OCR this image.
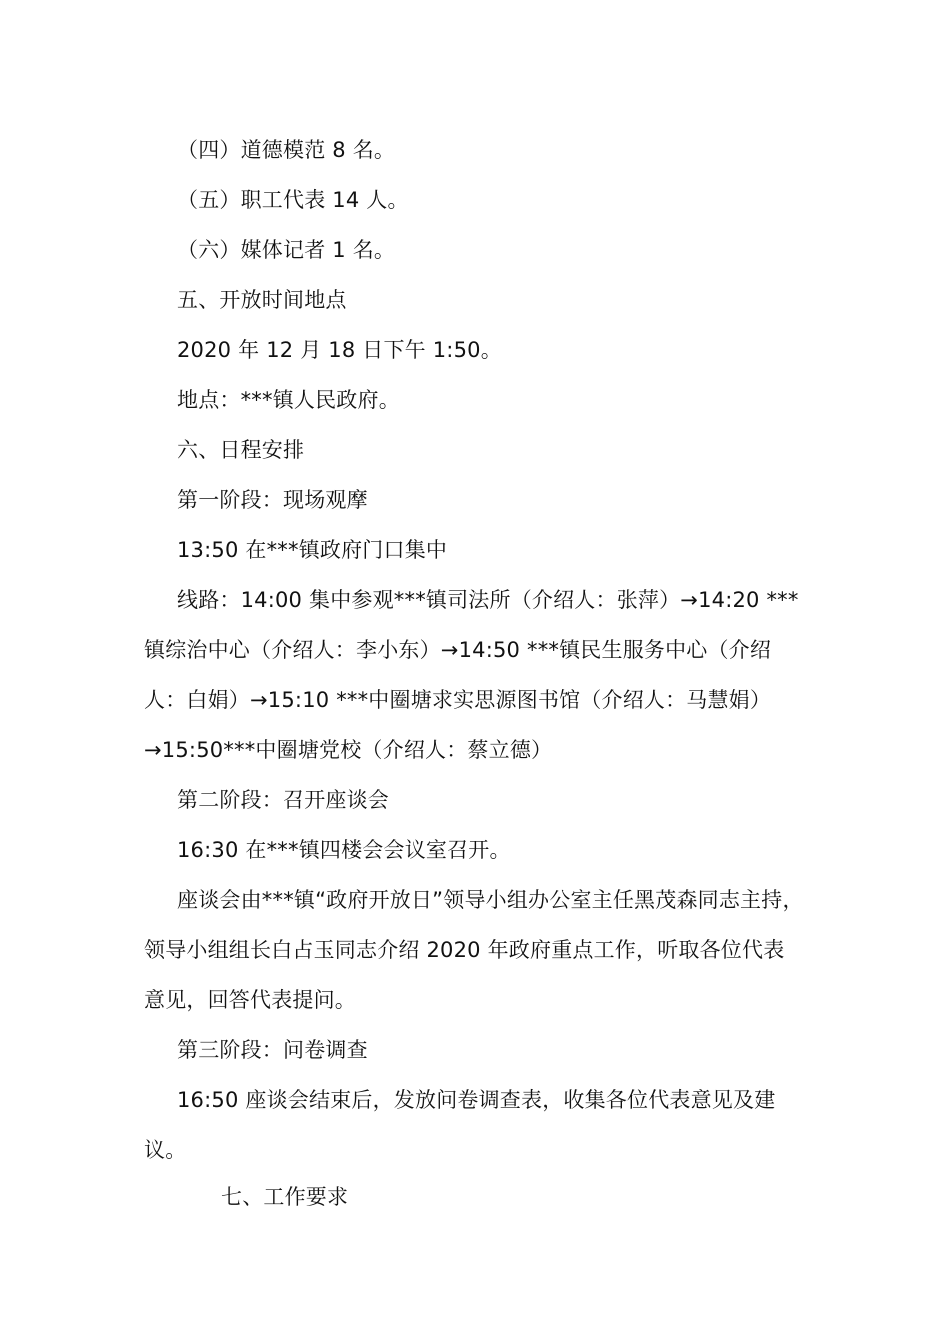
（四）道德模范 8 名。
（五）职工代表 14 人。
（六）媒体记者 1 名。
五、开放时间地点
2020 年 12 月 18 日下午 1:50。
地点：***镇人民政府。
六、日程安排
第一阶段：现场观摩
13:50 在***镇政府门口集中
线路：14:00 集中参观***镇司法所（介绍人：张萍）→14:20 ***
镇综治中心（介绍人：李小东）→14:50 ***镇民生服务中心（介绍
人：白娟）→15:10 ***中圈塘求实思源图书馆（介绍人：马慧娟）
→15:50***中圈塘党校（介绍人：蔡立德）
第二阶段：召开座谈会
16:30 在***镇四楼会会议室召开。
座谈会由***镇“政府开放日”领导小组办公室主任黑茂森同志主持，
领导小组组长白占玉同志介绍 2020 年政府重点工作，听取各位代表
意见，回答代表提问。
第三阶段：问卷调查
16:50 座谈会结束后，发放问卷调查表，收集各位代表意见及建
议。
七、工作要求
